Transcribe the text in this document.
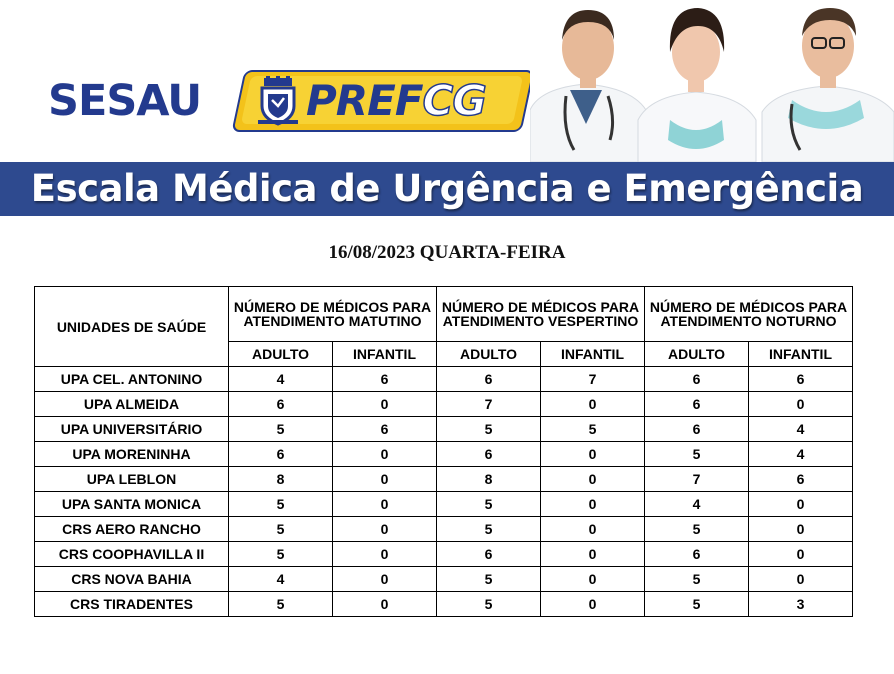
SESAU PREFCG
Escala Médica de Urgência e Emergência
16/08/2023 QUARTA-FEIRA
UNIDADES DE SAÚDE	NÚMERO DE MÉDICOS PARA ATENDIMENTO MATUTINO		NÚMERO DE MÉDICOS PARA ATENDIMENTO VESPERTINO		NÚMERO DE MÉDICOS PARA ATENDIMENTO NOTURNO	
	ADULTO	INFANTIL	ADULTO	INFANTIL	ADULTO	INFANTIL
UPA CEL. ANTONINO	4	6	6	7	6	6
UPA ALMEIDA	6	0	7	0	6	0
UPA UNIVERSITÁRIO	5	6	5	5	6	4
UPA MORENINHA	6	0	6	0	5	4
UPA LEBLON	8	0	8	0	7	6
UPA SANTA MONICA	5	0	5	0	4	0
CRS AERO RANCHO	5	0	5	0	5	0
CRS COOPHAVILLA II	5	0	6	0	6	0
CRS NOVA BAHIA	4	0	5	0	5	0
CRS TIRADENTES	5	0	5	0	5	3
